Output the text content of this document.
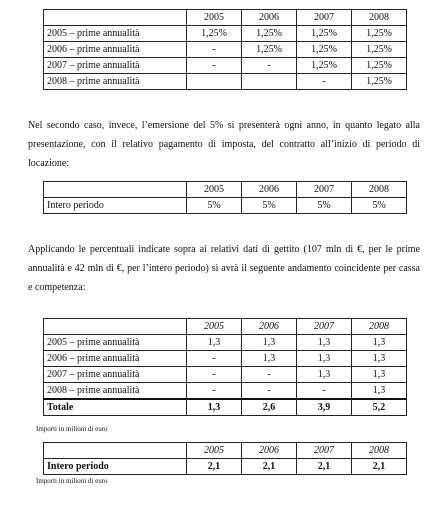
	2005	2006	2007	2008
2005 – prime annualità	1,25%	1,25%	1,25%	1,25%
2006 – prime annualità	-	1,25%	1,25%	1,25%
2007 – prime annualità	-	-	1,25%	1,25%
2008 – prime annualità			-	1,25%

Nel secondo caso, invece, l’emersione del 5% si presenterà ogni anno, in quanto legato alla presentazione, con il relativo pagamento di imposta, del contratto all’inizio di periodo di locazione:

	2005	2006	2007	2008
Intero periodo	5%	5%	5%	5%

Applicando le percentuali indicate sopra ai relativi dati di gettito (107 mln di €, per le prime annualità e 42 mln di €, per l’intero periodo) si avrà il seguente andamento coincidente per cassa e competenza:

	2005	2006	2007	2008
2005 – prime annualità	1,3	1,3	1,3	1,3
2006 – prime annualità	-	1,3	1,3	1,3
2007 – prime annualità	-	-	1,3	1,3
2008 – prime annualità	-	-	-	1,3
Totale	1,3	2,6	3,9	5,2

Importi in milioni di euro

	2005	2006	2007	2008
Intero periodo	2,1	2,1	2,1	2,1

Importi in milioni di euro
